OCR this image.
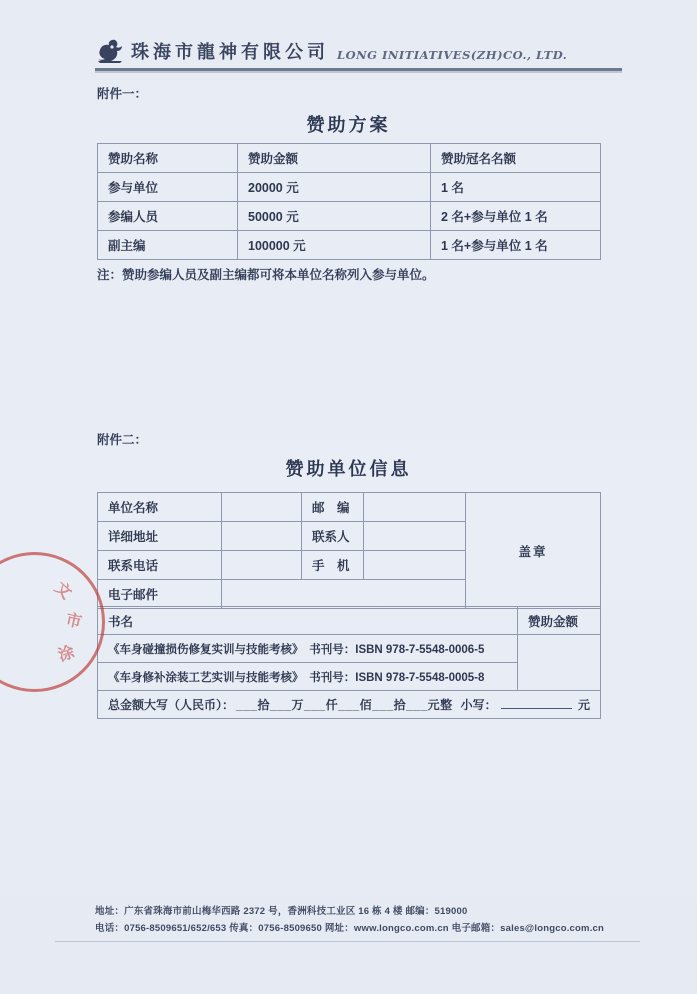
珠海市龍神有限公司 LONG INITIATIVES(ZH)CO., LTD.
附件一：
赞助方案
赞助名称	赞助金额	赞助冠名名额
参与单位	20000 元	1 名
参编人员	50000 元	2 名+参与单位 1 名
副主编	100000 元	1 名+参与单位 1 名
注：赞助参编人员及副主编都可将本单位名称列入参与单位。
附件二：
赞助单位信息
单位名称		邮　编		盖章
详细地址		联系人		
联系电话		手　机		
电子邮件				
书名	赞助金额
《车身碰撞损伤修复实训与技能考核》　书刊号：ISBN 978-7-5548-0006-5	
《车身修补涂装工艺实训与技能考核》　书刊号：ISBN 978-7-5548-0005-8	

总金额大写（人民币）： ___拾___万___仟___佰___拾___元整 小写： 元	
文
市
涂
地址：广东省珠海市前山梅华西路 2372 号，香洲科技工业区 16 栋 4 楼 邮编：519000
电话：0756-8509651/652/653 传真：0756-8509650 网址：www.longco.com.cn 电子邮箱：sales@longco.com.cn
